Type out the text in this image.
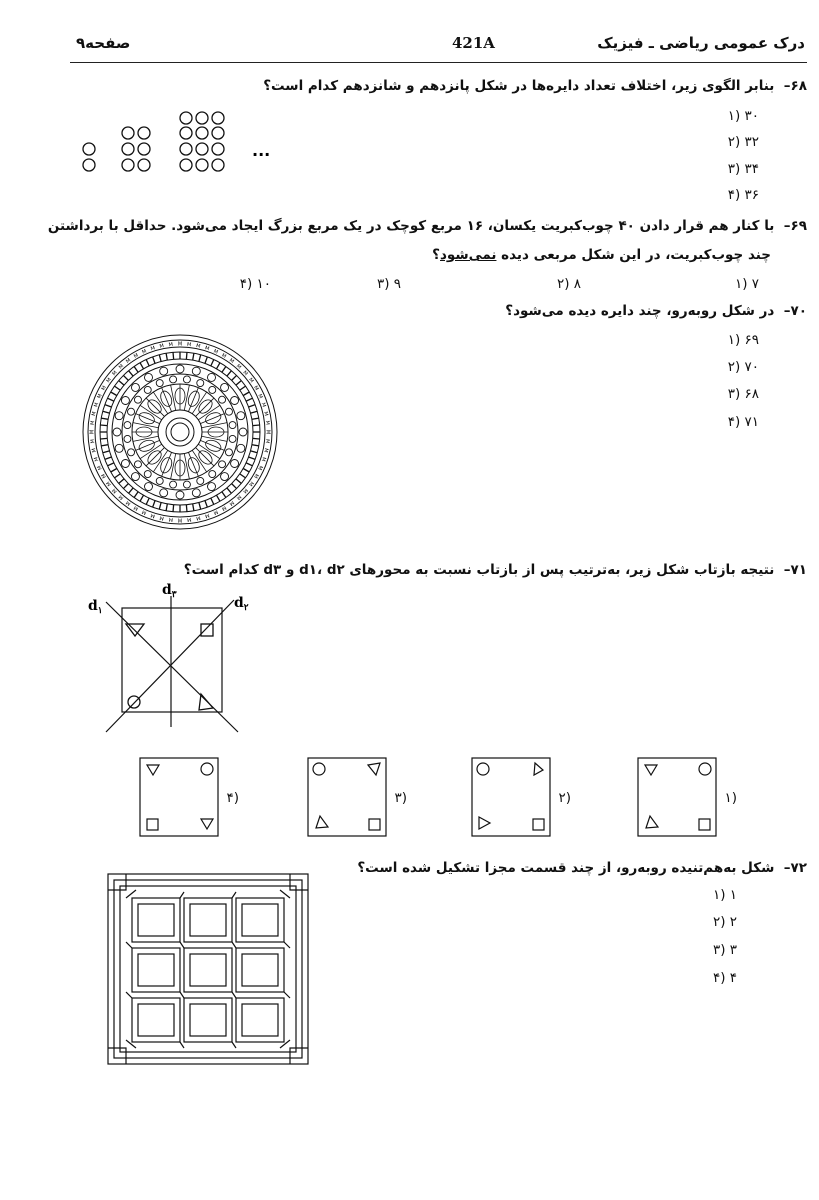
درک عمومی ریاضی ـ فیزیک
421A
صفحه۹
۶۸–  بنابر الگوی زیر، اختلاف تعداد دایره‌ها در شکل پانزدهم و شانزدهم کدام است؟
۱) ۳۰
۲) ۳۲
۳) ۳۴
۴) ۳۶
...
۶۹–  با کنار هم قرار دادن ۴۰ چوب‌کبریت یکسان، ۱۶ مربع کوچک در یک مربع بزرگ ایجاد می‌شود. حداقل با برداشتن
چند چوب‌کبریت، در این شکل مربعی دیده نمی‌شود؟
۱) ۷
۲) ۸
۳) ۹
۴) ۱۰
۷۰–  در شکل روبه‌رو، چند دایره دیده می‌شود؟
۱) ۶۹
۲) ۷۰
۳) ۶۸
۴) ۷۱
M
M
M
M
M
M
M
M
M
M
M
M
M
M
M
M
M
M
M
M
M
M
M
M
M
M
M
M
M
M
M
M
M
M
M
M
M
M
M
M
M
M M M M M M M M M
M
M
M
M
M
M
M
M
M
M
۷۱–  نتیجه بازتاب شکل زیر، به‌ترتیب پس از بازتاب نسبت به محورهای d۱، d۲ و d۳ کدام است؟
$d_۱$
$d_۳$	$d_۲$
۱)
۲)
۳)
۴)
۷۲–  شکل به‌هم‌تنیده روبه‌رو، از چند قسمت مجزا تشکیل شده است؟
۱) ۱
۲) ۲
۳) ۳
۴) ۴
